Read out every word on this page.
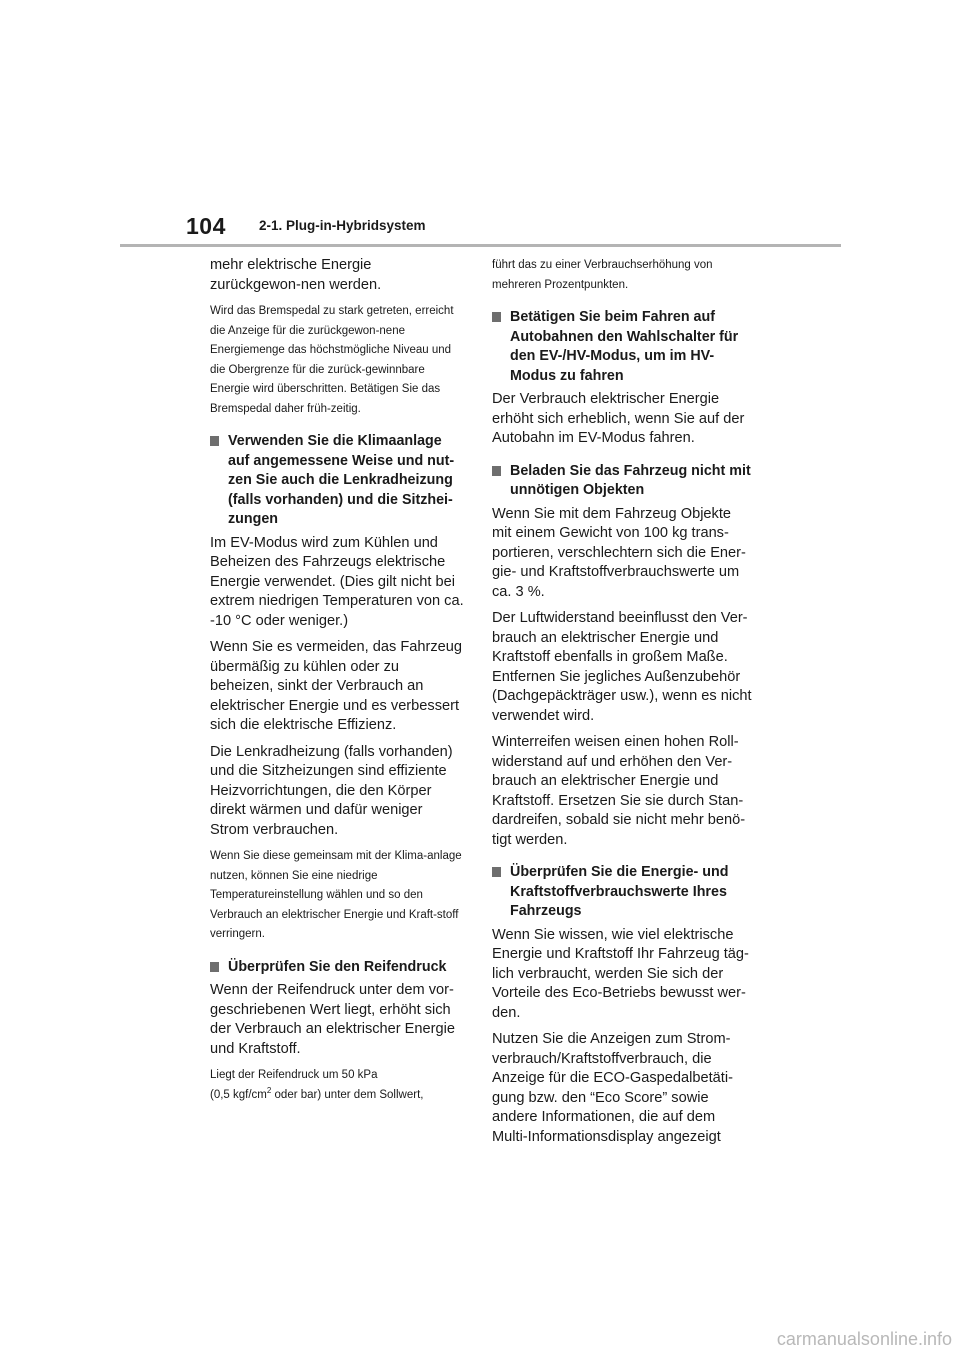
104 2-1. Plug-in-Hybridsystem

mehr elektrische Energie zurückgewon-nen werden.

Wird das Bremspedal zu stark getreten, erreicht die Anzeige für die zurückgewon-nene Energiemenge das höchstmögliche Niveau und die Obergrenze für die zurück-gewinnbare Energie wird überschritten. Betätigen Sie das Bremspedal daher früh-zeitig.

Verwenden Sie die Klimaanlage auf angemessene Weise und nut-zen Sie auch die Lenkradheizung (falls vorhanden) und die Sitzhei-zungen

Im EV-Modus wird zum Kühlen und Beheizen des Fahrzeugs elektrische Energie verwendet. (Dies gilt nicht bei extrem niedrigen Temperaturen von ca. -10 °C oder weniger.)

Wenn Sie es vermeiden, das Fahrzeug übermäßig zu kühlen oder zu beheizen, sinkt der Verbrauch an elektrischer Energie und es verbessert sich die elektrische Effizienz.

Die Lenkradheizung (falls vorhanden) und die Sitzheizungen sind effiziente Heizvorrichtungen, die den Körper direkt wärmen und dafür weniger Strom verbrauchen.

Wenn Sie diese gemeinsam mit der Klima-anlage nutzen, können Sie eine niedrige Temperatureinstellung wählen und so den Verbrauch an elektrischer Energie und Kraft-stoff verringern.

Überprüfen Sie den Reifendruck

Wenn der Reifendruck unter dem vor-geschriebenen Wert liegt, erhöht sich der Verbrauch an elektrischer Energie und Kraftstoff.

Liegt der Reifendruck um 50 kPa
(0,5 kgf/$cm^2$ oder bar) unter dem Sollwert,

führt das zu einer Verbrauchserhöhung von mehreren Prozentpunkten.

Betätigen Sie beim Fahren auf Autobahnen den Wahlschalter für den EV-/HV-Modus, um im HV-Modus zu fahren

Der Verbrauch elektrischer Energie erhöht sich erheblich, wenn Sie auf der Autobahn im EV-Modus fahren.

Beladen Sie das Fahrzeug nicht mit unnötigen Objekten

Wenn Sie mit dem Fahrzeug Objekte mit einem Gewicht von 100 kg trans-portieren, verschlechtern sich die Ener-gie- und Kraftstoffverbrauchswerte um ca. 3 %.

Der Luftwiderstand beeinflusst den Ver-brauch an elektrischer Energie und Kraftstoff ebenfalls in großem Maße. Entfernen Sie jegliches Außenzubehör (Dachgepäckträger usw.), wenn es nicht verwendet wird.

Winterreifen weisen einen hohen Roll-widerstand auf und erhöhen den Ver-brauch an elektrischer Energie und Kraftstoff. Ersetzen Sie sie durch Stan-dardreifen, sobald sie nicht mehr benö-tigt werden.

Überprüfen Sie die Energie- und Kraftstoffverbrauchswerte Ihres Fahrzeugs

Wenn Sie wissen, wie viel elektrische Energie und Kraftstoff Ihr Fahrzeug täg-lich verbraucht, werden Sie sich der Vorteile des Eco-Betriebs bewusst wer-den.

Nutzen Sie die Anzeigen zum Strom-verbrauch/Kraftstoffverbrauch, die Anzeige für die ECO-Gaspedalbetäti-gung bzw. den “Eco Score” sowie andere Informationen, die auf dem Multi-Informationsdisplay angezeigt

carmanualsonline.info
